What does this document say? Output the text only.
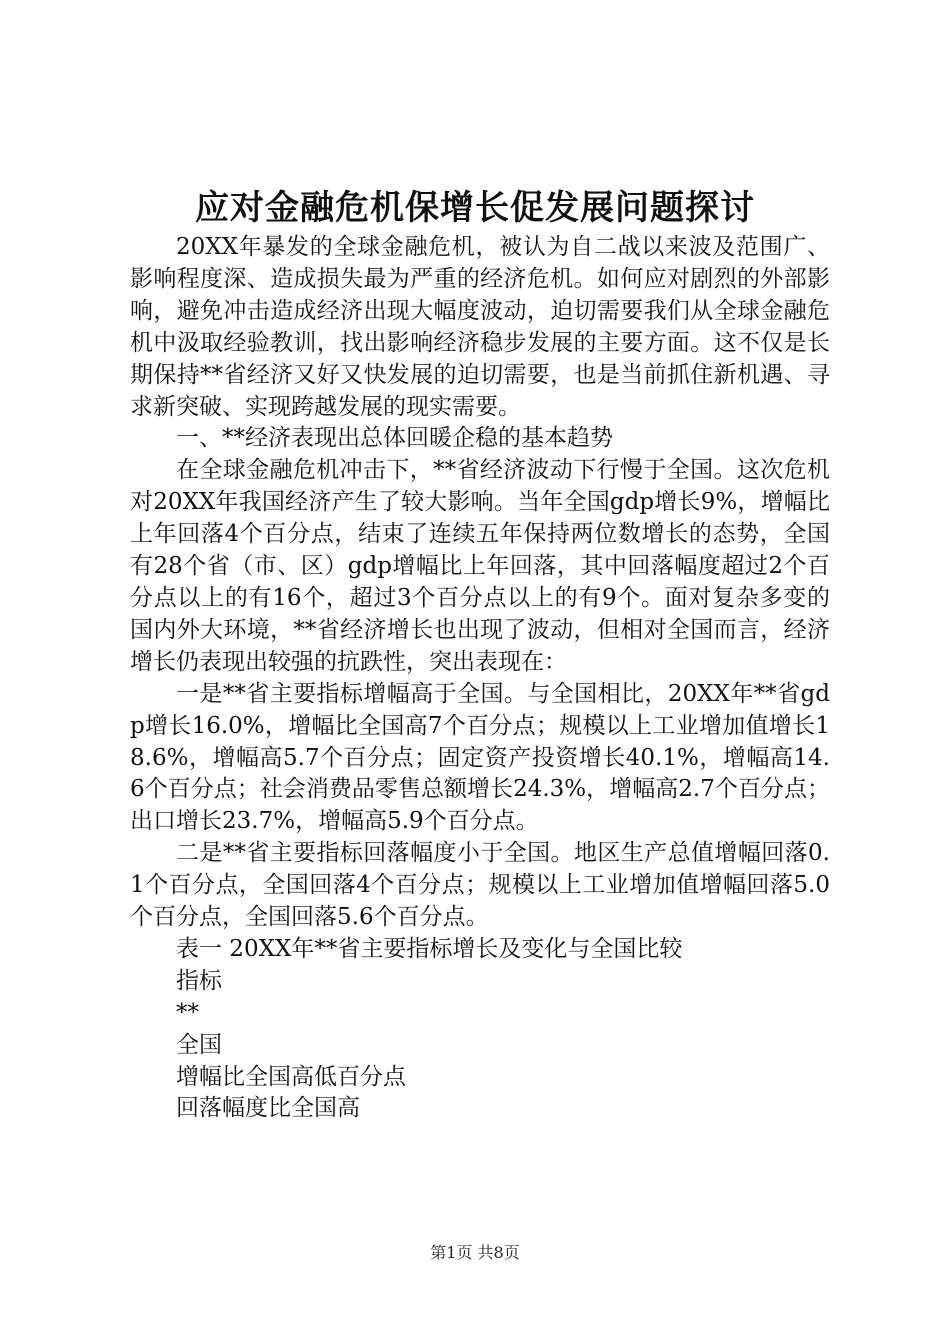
应对金融危机保增长促发展问题探讨

20XX年暴发的全球金融危机，被认为自二战以来波及范围广、影响程度深、造成损失最为严重的经济危机。如何应对剧烈的外部影响，避免冲击造成经济出现大幅度波动，迫切需要我们从全球金融危机中汲取经验教训，找出影响经济稳步发展的主要方面。这不仅是长期保持**省经济又好又快发展的迫切需要，也是当前抓住新机遇、寻求新突破、实现跨越发展的现实需要。

一、**经济表现出总体回暖企稳的基本趋势

在全球金融危机冲击下，**省经济波动下行慢于全国。这次危机对20XX年我国经济产生了较大影响。当年全国gdp增长9%，增幅比上年回落4个百分点，结束了连续五年保持两位数增长的态势，全国有28个省（市、区）gdp增幅比上年回落，其中回落幅度超过2个百分点以上的有16个，超过3个百分点以上的有9个。面对复杂多变的国内外大环境，**省经济增长也出现了波动，但相对全国而言，经济增长仍表现出较强的抗跌性，突出表现在：

一是**省主要指标增幅高于全国。与全国相比，20XX年**省gdp增长16.0%，增幅比全国高7个百分点；规模以上工业增加值增长18.6%，增幅高5.7个百分点；固定资产投资增长40.1%，增幅高14.6个百分点；社会消费品零售总额增长24.3%，增幅高2.7个百分点；出口增长23.7%，增幅高5.9个百分点。

二是**省主要指标回落幅度小于全国。地区生产总值增幅回落0.1个百分点，全国回落4个百分点；规模以上工业增加值增幅回落5.0个百分点，全国回落5.6个百分点。

表一 20XX年**省主要指标增长及变化与全国比较

指标

**

全国

增幅比全国高低百分点

回落幅度比全国高

第1页 共8页
